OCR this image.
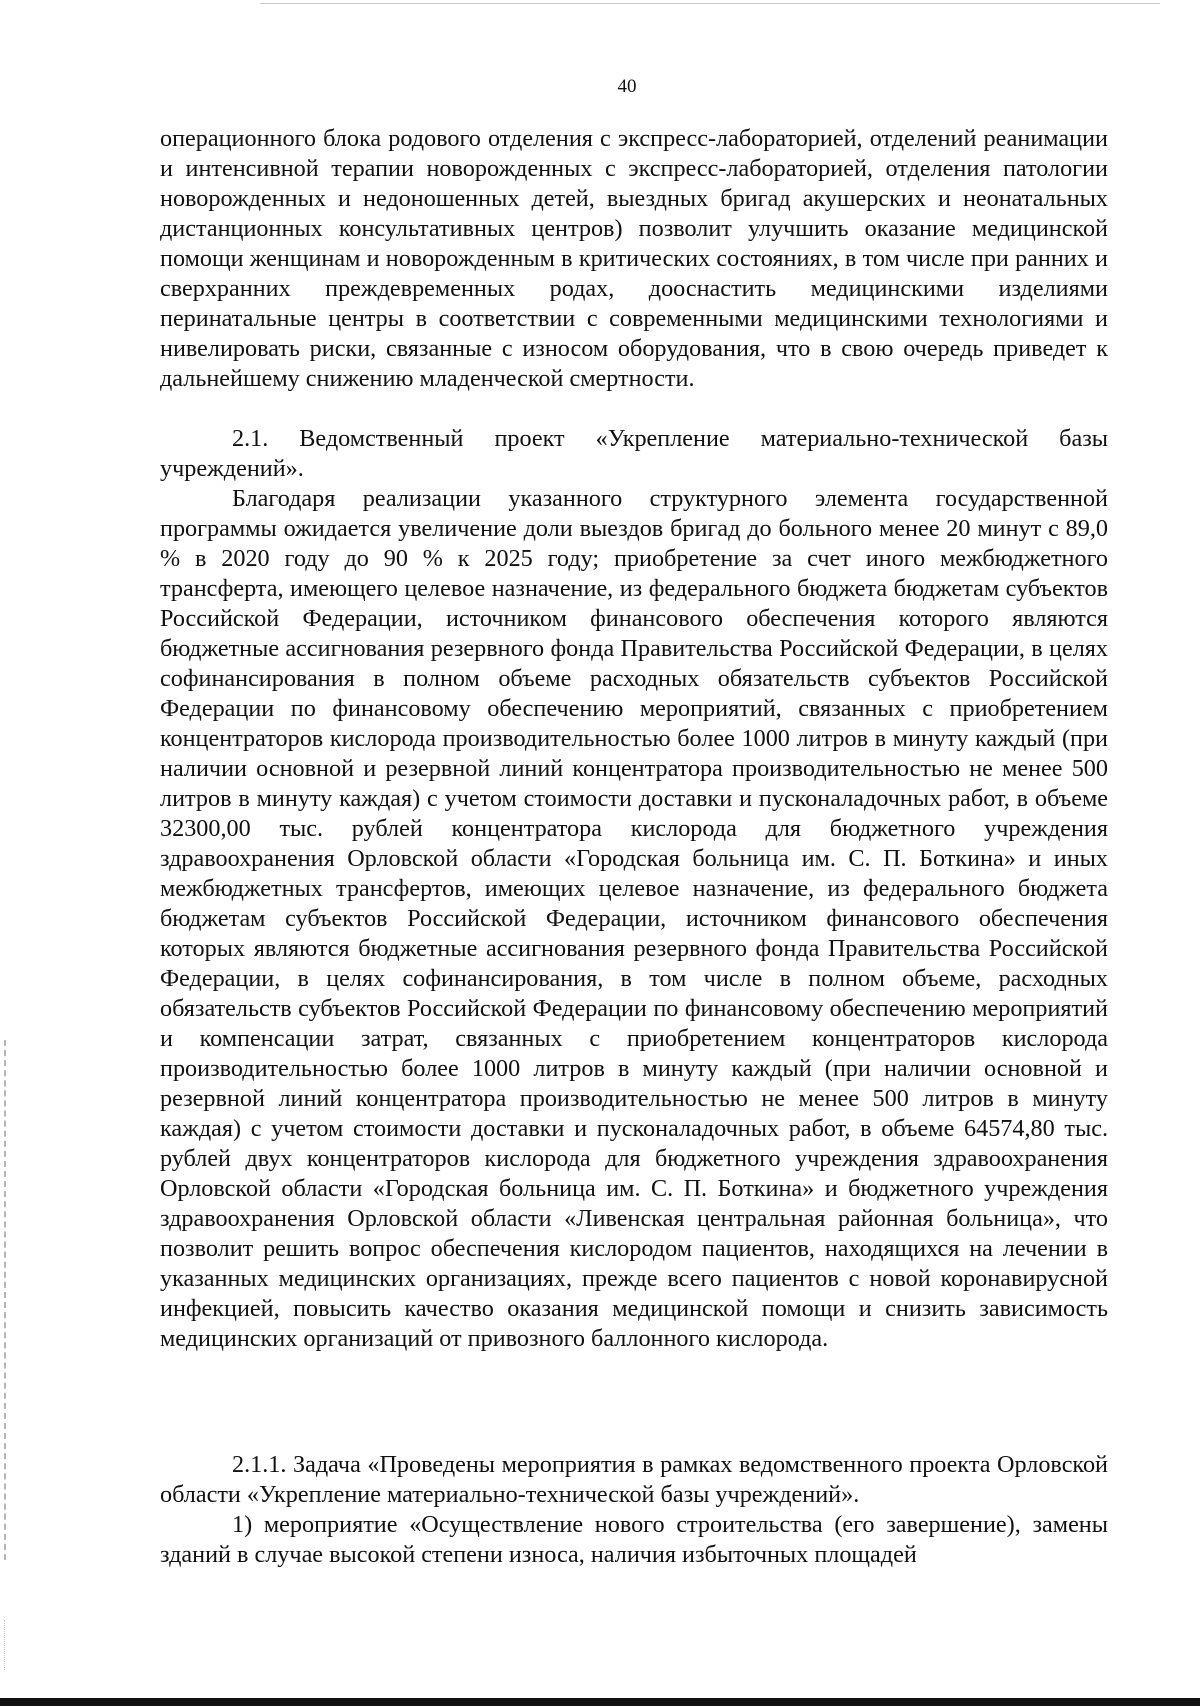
40

операционного блока родового отделения с экспресс-лабораторией, отделений реанимации и интенсивной терапии новорожденных с экспресс-лабораторией, отделения патологии новорожденных и недоношенных детей, выездных бригад акушерских и неонатальных дистанционных консультативных центров) позволит улучшить оказание медицинской помощи женщинам и новорожденным в критических состояниях, в том числе при ранних и сверхранних преждевременных родах, дооснастить медицинскими изделиями перинатальные центры в соответствии с современными медицинскими технологиями и нивелировать риски, связанные с износом оборудования, что в свою очередь приведет к дальнейшему снижению младенческой смертности.

2.1. Ведомственный проект «Укрепление материально-технической базы учреждений».

Благодаря реализации указанного структурного элемента государственной программы ожидается увеличение доли выездов бригад до больного менее 20 минут с 89,0 % в 2020 году до 90 % к 2025 году; приобретение за счет иного межбюджетного трансферта, имеющего целевое назначение, из федерального бюджета бюджетам субъектов Российской Федерации, источником финансового обеспечения которого являются бюджетные ассигнования резервного фонда Правительства Российской Федерации, в целях софинансирования в полном объеме расходных обязательств субъектов Российской Федерации по финансовому обеспечению мероприятий, связанных с приобретением концентраторов кислорода производительностью более 1000 литров в минуту каждый (при наличии основной и резервной линий концентратора производительностью не менее 500 литров в минуту каждая) с учетом стоимости доставки и пусконаладочных работ, в объеме 32300,00 тыс. рублей концентратора кислорода для бюджетного учреждения здравоохранения Орловской области «Городская больница им. С. П. Боткина» и иных межбюджетных трансфертов, имеющих целевое назначение, из федерального бюджета бюджетам субъектов Российской Федерации, источником финансового обеспечения которых являются бюджетные ассигнования резервного фонда Правительства Российской Федерации, в целях софинансирования, в том числе в полном объеме, расходных обязательств субъектов Российской Федерации по финансовому обеспечению мероприятий и компенсации затрат, связанных с приобретением концентраторов кислорода производительностью более 1000 литров в минуту каждый (при наличии основной и резервной линий концентратора производительностью не менее 500 литров в минуту каждая) с учетом стоимости доставки и пусконаладочных работ, в объеме 64574,80 тыс. рублей двух концентраторов кислорода для бюджетного учреждения здравоохранения Орловской области «Городская больница им. С. П. Боткина» и бюджетного учреждения здравоохранения Орловской области «Ливенская центральная районная больница», что позволит решить вопрос обеспечения кислородом пациентов, находящихся на лечении в указанных медицинских организациях, прежде всего пациентов с новой коронавирусной инфекцией, повысить качество оказания медицинской помощи и снизить зависимость медицинских организаций от привозного баллонного кислорода.

2.1.1. Задача «Проведены мероприятия в рамках ведомственного проекта Орловской области «Укрепление материально-технической базы учреждений».

1) мероприятие «Осуществление нового строительства (его завершение), замены зданий в случае высокой степени износа, наличия избыточных площадей
